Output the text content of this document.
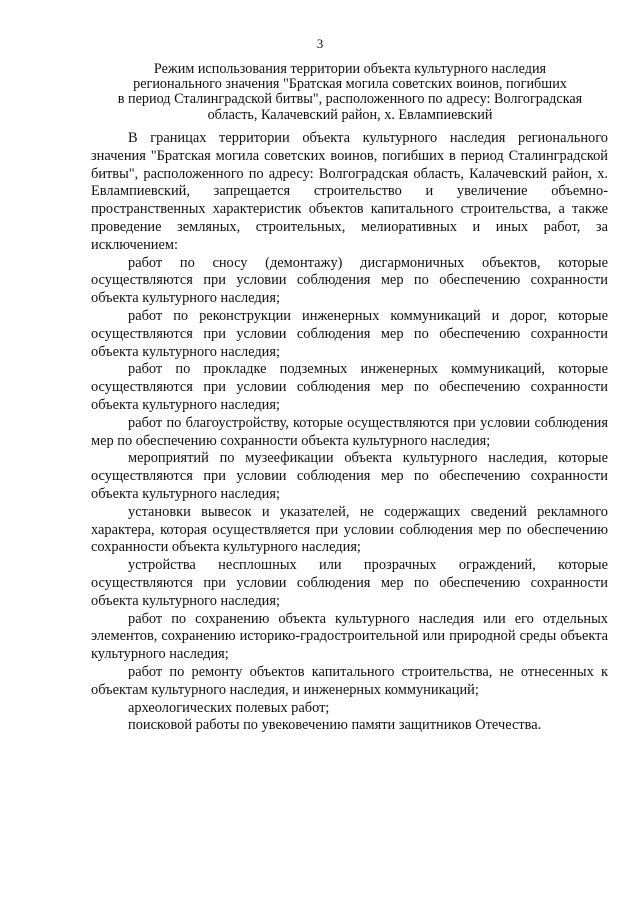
3
Режим использования территории объекта культурного наследия
регионального значения "Братская могила советских воинов, погибших
в период Сталинградской битвы", расположенного по адресу: Волгоградская
область, Калачевский район, х. Евлампиевский

В границах территории объекта культурного наследия регионального значения "Братская могила советских воинов, погибших в период Сталинградской битвы", расположенного по адресу: Волгоградская область, Калачевский район, х. Евлампиевский, запрещается строительство и увеличение объемно-пространственных характеристик объектов капитального строительства, а также проведение земляных, строительных, мелиоративных и иных работ, за исключением:

работ по сносу (демонтажу) дисгармоничных объектов, которые осуществляются при условии соблюдения мер по обеспечению сохранности объекта культурного наследия;

работ по реконструкции инженерных коммуникаций и дорог, которые осуществляются при условии соблюдения мер по обеспечению сохранности объекта культурного наследия;

работ по прокладке подземных инженерных коммуникаций, которые осуществляются при условии соблюдения мер по обеспечению сохранности объекта культурного наследия;

работ по благоустройству, которые осуществляются при условии соблюдения мер по обеспечению сохранности объекта культурного наследия;

мероприятий по музеефикации объекта культурного наследия, которые осуществляются при условии соблюдения мер по обеспечению сохранности объекта культурного наследия;

установки вывесок и указателей, не содержащих сведений рекламного характера, которая осуществляется при условии соблюдения мер по обеспечению сохранности объекта культурного наследия;

устройства несплошных или прозрачных ограждений, которые осуществляются при условии соблюдения мер по обеспечению сохранности объекта культурного наследия;

работ по сохранению объекта культурного наследия или его отдельных элементов, сохранению историко-градостроительной или природной среды объекта культурного наследия;

работ по ремонту объектов капитального строительства, не отнесенных к объектам культурного наследия, и инженерных коммуникаций;

археологических полевых работ;

поисковой работы по увековечению памяти защитников Отечества.
